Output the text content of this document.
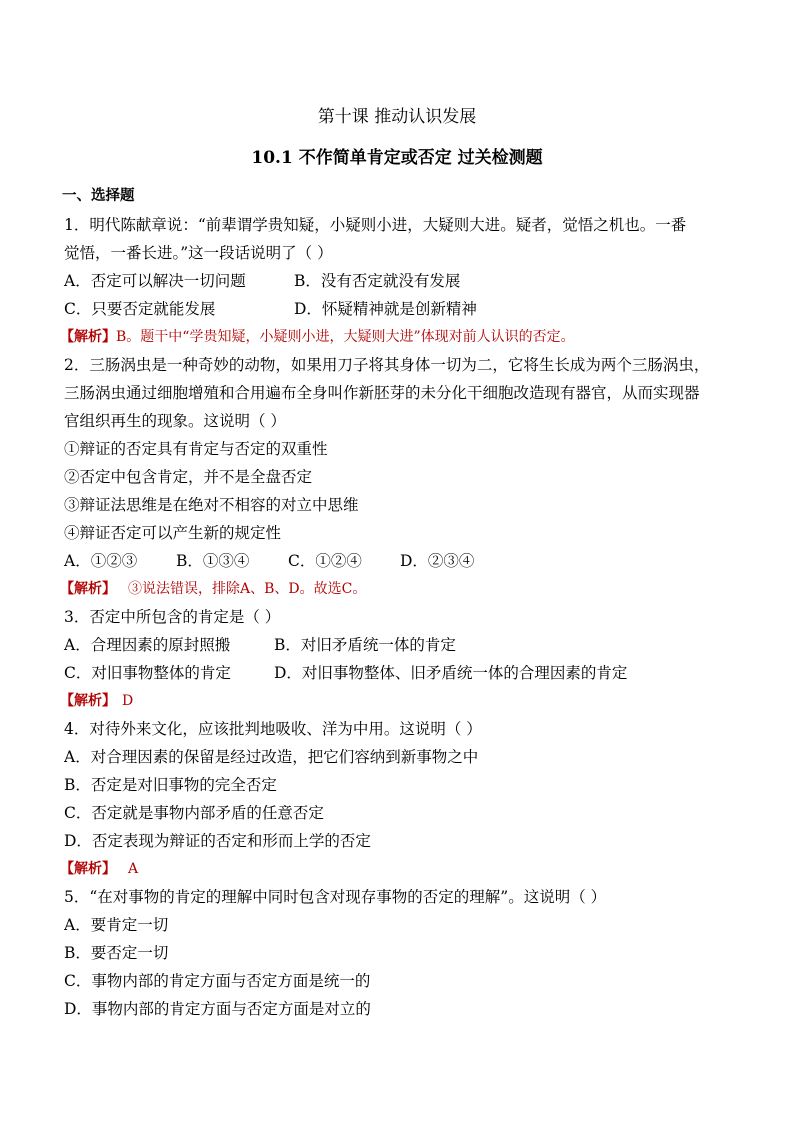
第十课 推动认识发展
10.1 不作简单肯定或否定 过关检测题
一、选择题
1．明代陈献章说：“前辈谓学贵知疑，小疑则小进，大疑则大进。疑者，觉悟之机也。一番
觉悟，一番长进。”这一段话说明了（ ）
A．否定可以解决一切问题	B．没有否定就没有发展
C．只要否定就能发展	D．怀疑精神就是创新精神
【解析】B。题干中“学贵知疑，小疑则小进，大疑则大进”体现对前人认识的否定。
2．三肠涡虫是一种奇妙的动物，如果用刀子将其身体一切为二，它将生长成为两个三肠涡虫，
三肠涡虫通过细胞增殖和合用遍布全身叫作新胚芽的未分化干细胞改造现有器官，从而实现器
官组织再生的现象。这说明（ ）
①辩证的否定具有肯定与否定的双重性
②否定中包含肯定，并不是全盘否定
③辩证法思维是在绝对不相容的对立中思维
④辩证否定可以产生新的规定性
A．①②③	B．①③④	C．①②④	D．②③④
【解析】 ③说法错误，排除A、B、D。故选C。
3．否定中所包含的肯定是（ ）
A．合理因素的原封照搬	B．对旧矛盾统一体的肯定
C．对旧事物整体的肯定	D．对旧事物整体、旧矛盾统一体的合理因素的肯定
【解析】 D
4．对待外来文化，应该批判地吸收、洋为中用。这说明（ ）
A．对合理因素的保留是经过改造，把它们容纳到新事物之中
B．否定是对旧事物的完全否定
C．否定就是事物内部矛盾的任意否定
D．否定表现为辩证的否定和形而上学的否定
【解析】 A
5．“在对事物的肯定的理解中同时包含对现存事物的否定的理解”。这说明（ ）
A．要肯定一切
B．要否定一切
C．事物内部的肯定方面与否定方面是统一的
D．事物内部的肯定方面与否定方面是对立的
